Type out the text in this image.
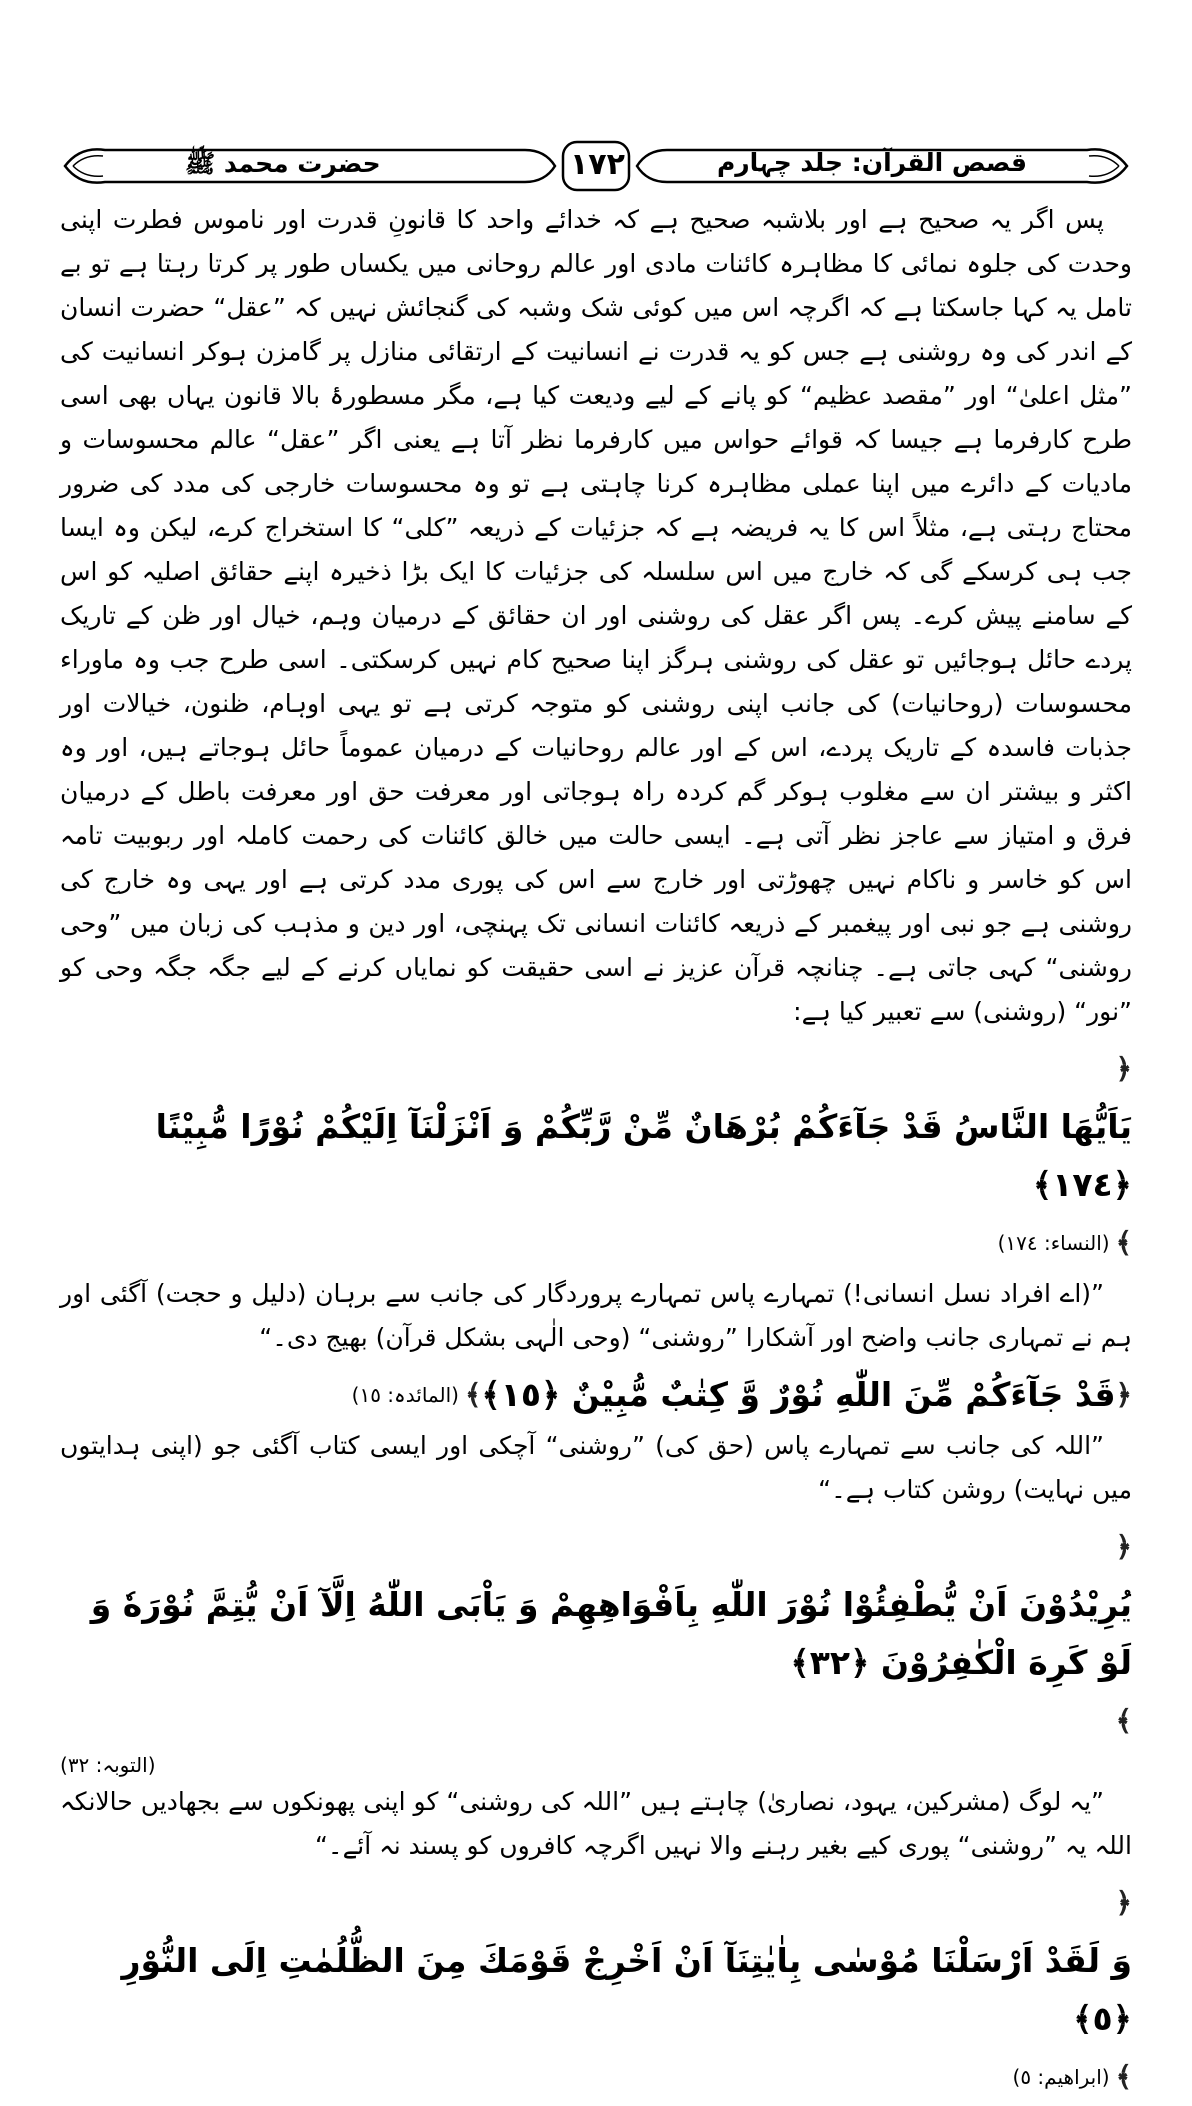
قصص القرآن: جلد چہارم
١٧٢
حضرت محمد ﷺ

پس اگر یہ صحیح ہے اور بلاشبہ صحیح ہے کہ خدائے واحد کا قانونِ قدرت اور ناموس فطرت اپنی وحدت کی جلوہ نمائی کا مظاہرہ کائنات مادی اور عالم روحانی میں یکساں طور پر کرتا رہتا ہے تو بے تامل یہ کہا جاسکتا ہے کہ اگرچہ اس میں کوئی شک وشبہ کی گنجائش نہیں کہ ”عقل“ حضرت انسان کے اندر کی وہ روشنی ہے جس کو یہ قدرت نے انسانیت کے ارتقائی منازل پر گامزن ہوکر انسانیت کی ”مثل اعلیٰ“ اور ”مقصد عظیم“ کو پانے کے لیے ودیعت کیا ہے، مگر مسطورۂ بالا قانون یہاں بھی اسی طرح کارفرما ہے جیسا کہ قوائے حواس میں کارفرما نظر آتا ہے یعنی اگر ”عقل“ عالم محسوسات و مادیات کے دائرے میں اپنا عملی مظاہرہ کرنا چاہتی ہے تو وہ محسوسات خارجی کی مدد کی ضرور محتاج رہتی ہے، مثلاً اس کا یہ فریضہ ہے کہ جزئیات کے ذریعہ ”کلی“ کا استخراج کرے، لیکن وہ ایسا جب ہی کرسکے گی کہ خارج میں اس سلسلہ کی جزئیات کا ایک بڑا ذخیرہ اپنے حقائق اصلیہ کو اس کے سامنے پیش کرے۔ پس اگر عقل کی روشنی اور ان حقائق کے درمیان وہم، خیال اور ظن کے تاریک پردے حائل ہوجائیں تو عقل کی روشنی ہرگز اپنا صحیح کام نہیں کرسکتی۔ اسی طرح جب وہ ماوراء محسوسات (روحانیات) کی جانب اپنی روشنی کو متوجہ کرتی ہے تو یہی اوہام، ظنون، خیالات اور جذبات فاسدہ کے تاریک پردے، اس کے اور عالم روحانیات کے درمیان عموماً حائل ہوجاتے ہیں، اور وہ اکثر و بیشتر ان سے مغلوب ہوکر گم کردہ راہ ہوجاتی اور معرفت حق اور معرفت باطل کے درمیان فرق و امتیاز سے عاجز نظر آتی ہے۔ ایسی حالت میں خالق کائنات کی رحمت کاملہ اور ربوبیت تامہ اس کو خاسر و ناکام نہیں چھوڑتی اور خارج سے اس کی پوری مدد کرتی ہے اور یہی وہ خارج کی روشنی ہے جو نبی اور پیغمبر کے ذریعہ کائنات انسانی تک پہنچی، اور دین و مذہب کی زبان میں ”وحی روشنی“ کہی جاتی ہے۔ چنانچہ قرآن عزیز نے اسی حقیقت کو نمایاں کرنے کے لیے جگہ جگہ وحی کو ”نور“ (روشنی) سے تعبیر کیا ہے:

﴿
يَاَيُّهَا النَّاسُ قَدْ جَآءَكُمْ بُرْهَانٌ مِّنْ رَّبِّكُمْ وَ اَنْزَلْنَآ اِلَيْكُمْ نُوْرًا مُّبِيْنًا ﴿١٧٤﴾
﴾
(النساء: ١٧٤)

”(اے افراد نسل انسانی!) تمہارے پاس تمہارے پروردگار کی جانب سے برہان (دلیل و حجت) آگئی اور ہم نے تمہاری جانب واضح اور آشکارا ”روشنی“ (وحی الٰہی بشکل قرآن) بھیج دی۔“

﴿
قَدْ جَآءَكُمْ مِّنَ اللّٰهِ نُوْرٌ وَّ كِتٰبٌ مُّبِيْنٌ ﴿١٥﴾
﴾
(المائدہ: ١٥)

”اللہ کی جانب سے تمہارے پاس (حق کی) ”روشنی“ آچکی اور ایسی کتاب آگئی جو (اپنی ہدایتوں میں نہایت) روشن کتاب ہے۔“

﴿
يُرِيْدُوْنَ اَنْ يُّطْفِئُوْا نُوْرَ اللّٰهِ بِاَفْوَاهِهِمْ وَ يَاْبَى اللّٰهُ اِلَّآ اَنْ يُّتِمَّ نُوْرَهٗ وَ لَوْ كَرِهَ الْكٰفِرُوْنَ ﴿٣٢﴾
﴾

(التوبہ: ٣٢)

”یہ لوگ (مشرکین، یہود، نصاریٰ) چاہتے ہیں ”اللہ کی روشنی“ کو اپنی پھونکوں سے بجھادیں حالانکہ اللہ یہ ”روشنی“ پوری کیے بغیر رہنے والا نہیں اگرچہ کافروں کو پسند نہ آئے۔“

﴿
وَ لَقَدْ اَرْسَلْنَا مُوْسٰى بِاٰيٰتِنَآ اَنْ اَخْرِجْ قَوْمَكَ مِنَ الظُّلُمٰتِ اِلَى النُّوْرِ ﴿٥﴾
﴾
(ابراھیم: ٥)
